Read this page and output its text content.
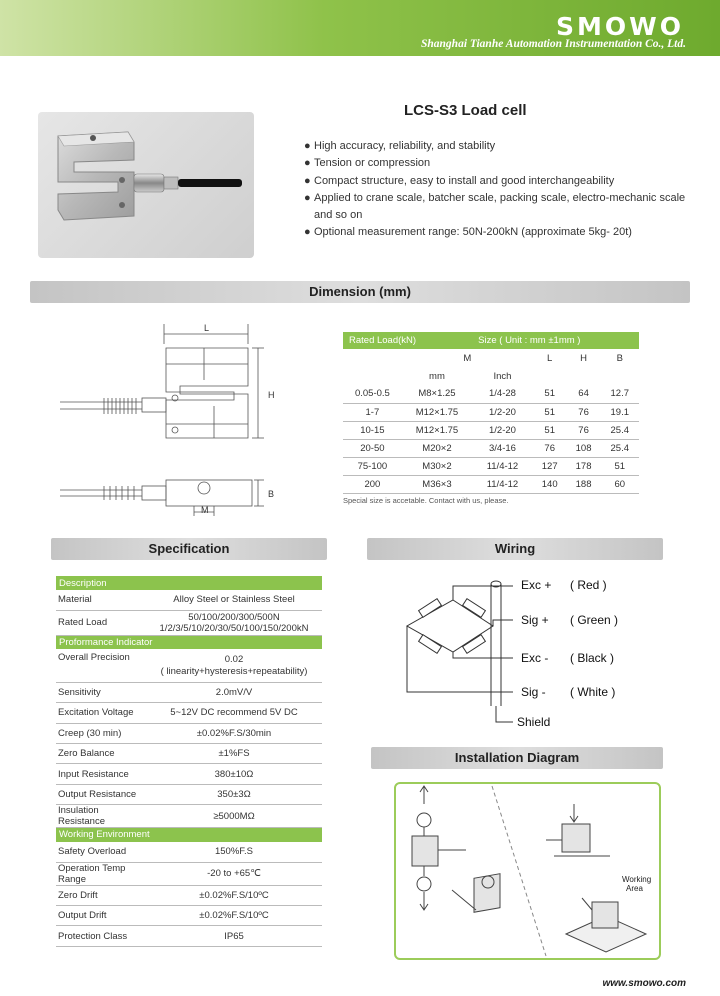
SMOWO
Shanghai Tianhe Automation Instrumentation Co., Ltd.
LCS-S3 Load cell
● High accuracy, reliability, and stability
● Tension or compression
● Compact structure, easy to install and good interchangeability
● Applied to crane scale, batcher scale, packing scale, electro-mechanic scale and so on
● Optional measurement range: 50N-200kN (approximate 5kg- 20t)
Dimension (mm)
L
H
B
M
Rated Load(kN)		Size ( Unit : mm ±1mm )			
	M		L	H	B
	mm	Inch			
0.05-0.5	M8×1.25	1/4-28	51	64	12.7
1-7	M12×1.75	1/2-20	51	76	19.1
10-15	M12×1.75	1/2-20	51	76	25.4
20-50	M20×2	3/4-16	76	108	25.4
75-100	M30×2	11/4-12	127	178	51
200	M36×3	11/4-12	140	188	60
Special size is accetable. Contact with us, please.
Specification	Wiring
Installation Diagram
Description	
Material	Alloy Steel or Stainless Steel
Rated Load	50/100/200/300/500N
1/2/3/5/10/20/30/50/100/150/200kN

Proformance Indicator	
Overall Precision	0.02
( linearity+hysteresis+repeatability)

Sensitivity	2.0mV/V
Excitation Voltage	5~12V DC recommend 5V DC
Creep (30 min)	±0.02%F.S/30min
Zero Balance	±1%FS
Input Resistance	380±10Ω
Output Resistance	350±3Ω
Insulation Resistance	≥5000MΩ
Working Environment	
Safety Overload	150%F.S
Operation Temp Range	-20 to +65℃
Zero Drift	±0.02%F.S/10ºC
Output Drift	±0.02%F.S/10ºC
Protection Class	IP65
Exc + ( Red )
Sig + ( Green )
Exc - ( Black )
Sig - ( White )
Shield
Working
Area
www.smowo.com
